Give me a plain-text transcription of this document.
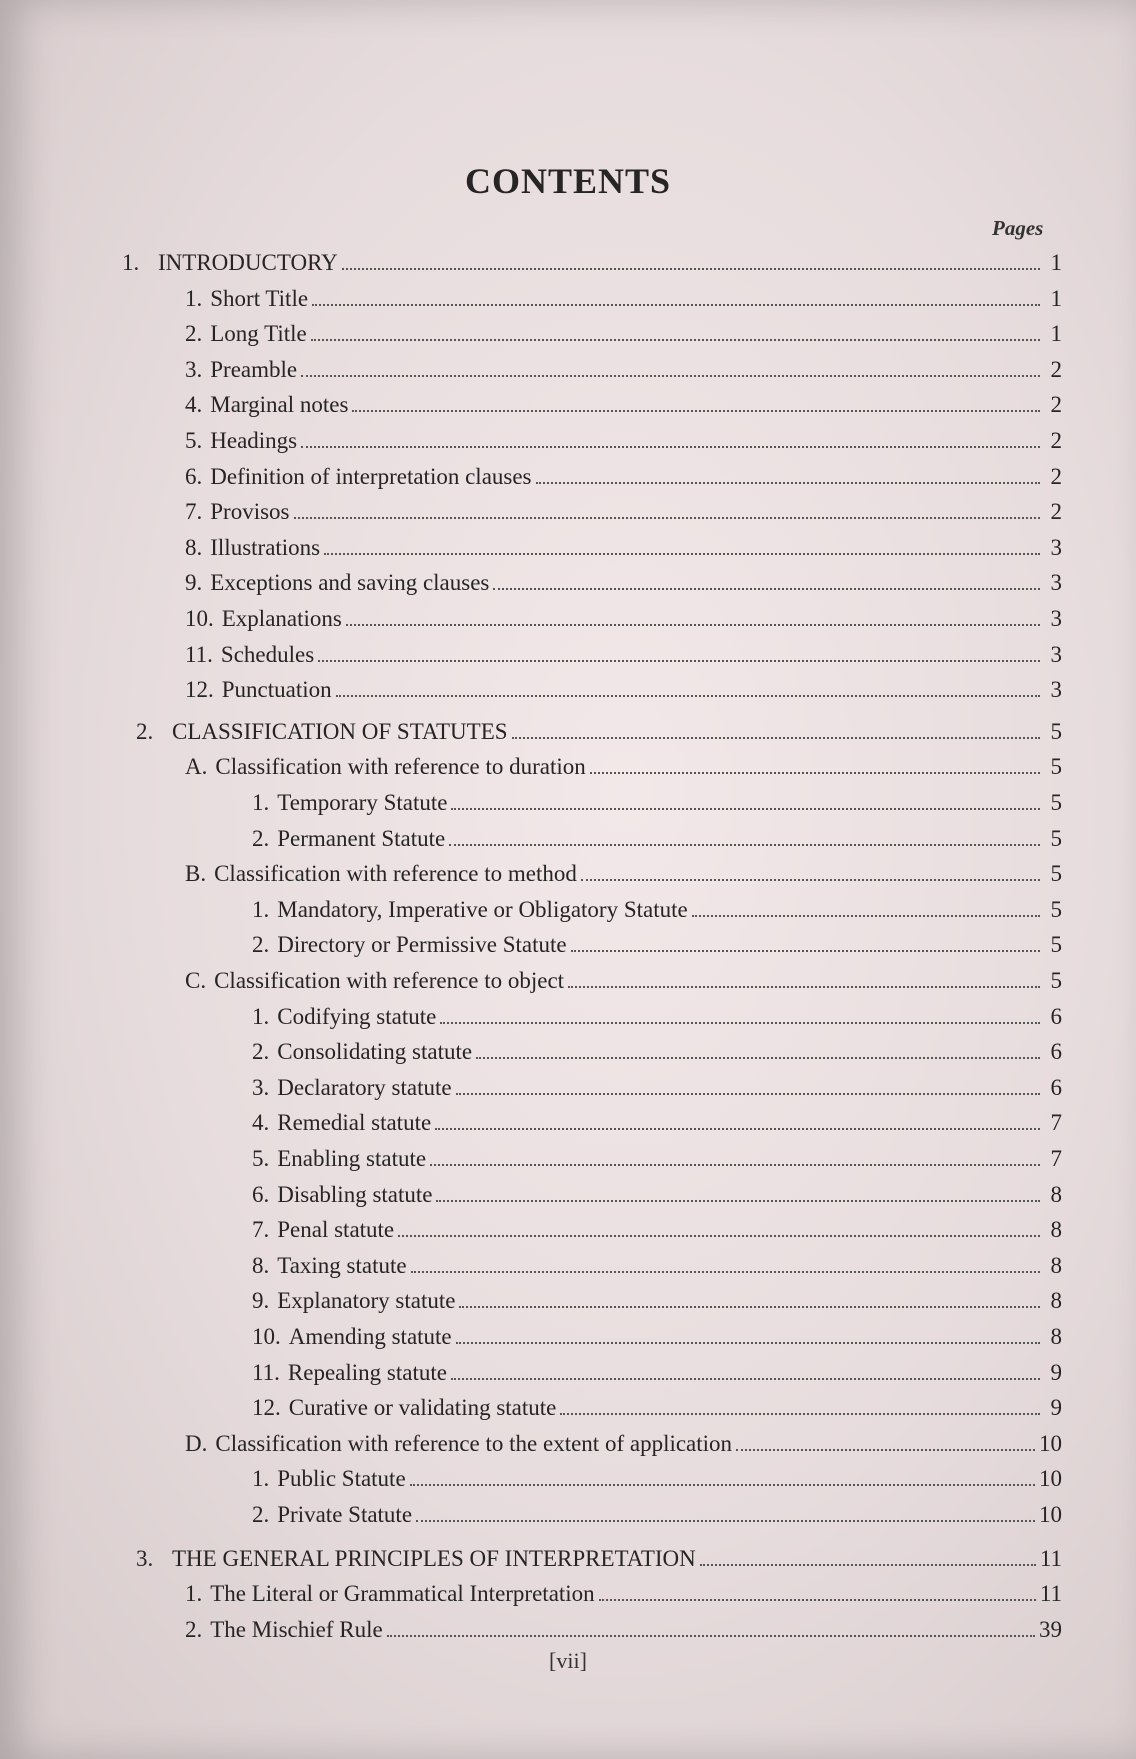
CONTENTS
Pages
1. INTRODUCTORY	1
1. Short Title	1
2. Long Title	1
3. Preamble	2
4. Marginal notes	2
5. Headings	2
6. Definition of interpretation clauses	2
7. Provisos	2
8. Illustrations	3
9. Exceptions and saving clauses	3
10. Explanations	3
11. Schedules	3
12. Punctuation	3
2. CLASSIFICATION OF STATUTES	5
A. Classification with reference to duration	5
1. Temporary Statute	5
2. Permanent Statute	5
B. Classification with reference to method	5
1. Mandatory, Imperative or Obligatory Statute	5
2. Directory or Permissive Statute	5
C. Classification with reference to object	5
1. Codifying statute	6
2. Consolidating statute	6
3. Declaratory statute	6
4. Remedial statute	7
5. Enabling statute	7
6. Disabling statute	8
7. Penal statute	8
8. Taxing statute	8
9. Explanatory statute	8
10. Amending statute	8
11. Repealing statute	9
12. Curative or validating statute	9
D. Classification with reference to the extent of application	10
1. Public Statute	10
2. Private Statute	10
3. THE GENERAL PRINCIPLES OF INTERPRETATION	11
1. The Literal or Grammatical Interpretation	11
2. The Mischief Rule	39
[vii]
